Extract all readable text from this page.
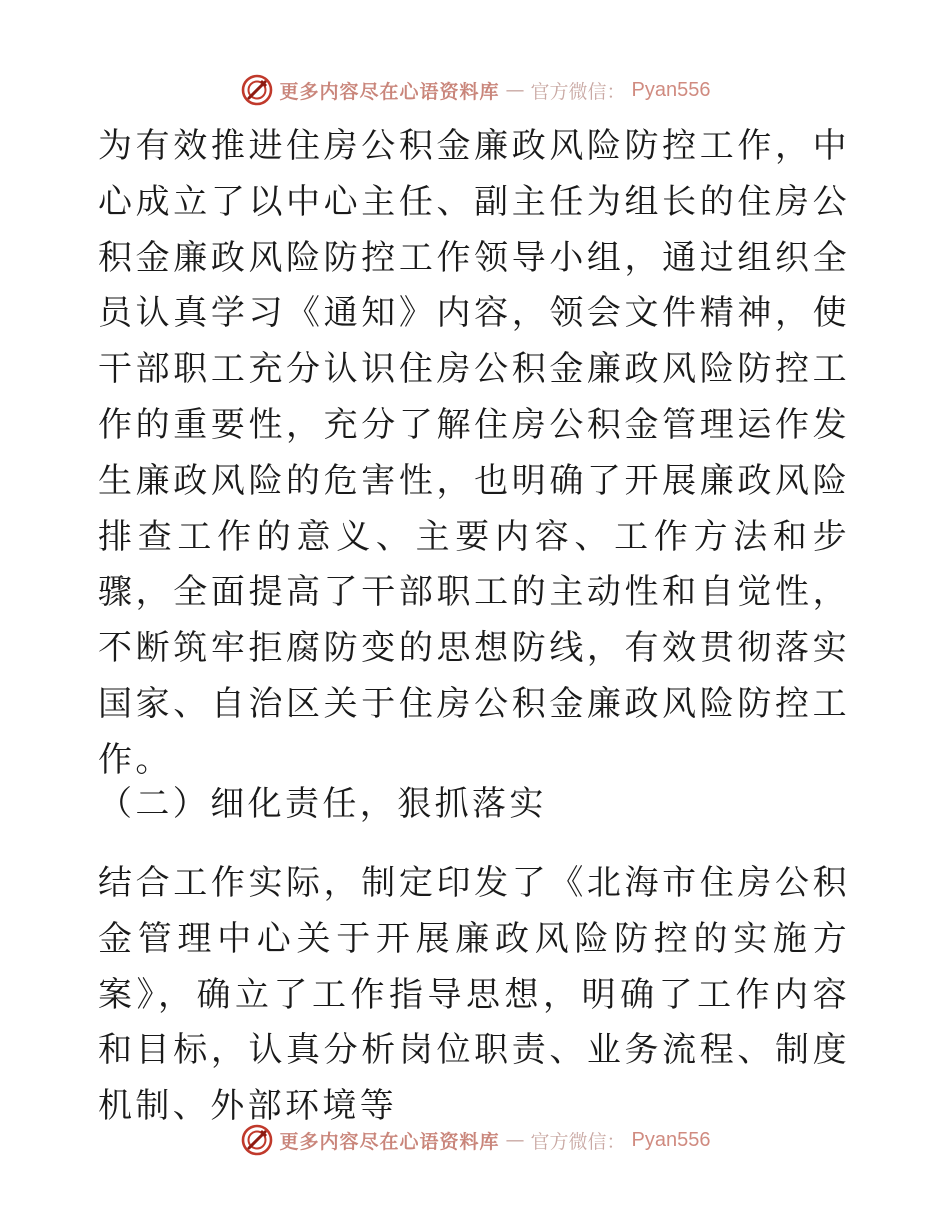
更多内容尽在心语资料库 — 官方微信： Pyan556

为有效推进住房公积金廉政风险防控工作，中心成立了以中心主任、副主任为组长的住房公积金廉政风险防控工作领导小组，通过组织全员认真学习《通知》内容，领会文件精神，使干部职工充分认识住房公积金廉政风险防控工作的重要性，充分了解住房公积金管理运作发生廉政风险的危害性，也明确了开展廉政风险排查工作的意义、主要内容、工作方法和步骤，全面提高了干部职工的主动性和自觉性，不断筑牢拒腐防变的思想防线，有效贯彻落实国家、自治区关于住房公积金廉政风险防控工作。

（二）细化责任，狠抓落实

结合工作实际，制定印发了《北海市住房公积金管理中心关于开展廉政风险防控的实施方案》，确立了工作指导思想，明确了工作内容和目标，认真分析岗位职责、业务流程、制度机制、外部环境等

更多内容尽在心语资料库 — 官方微信： Pyan556
